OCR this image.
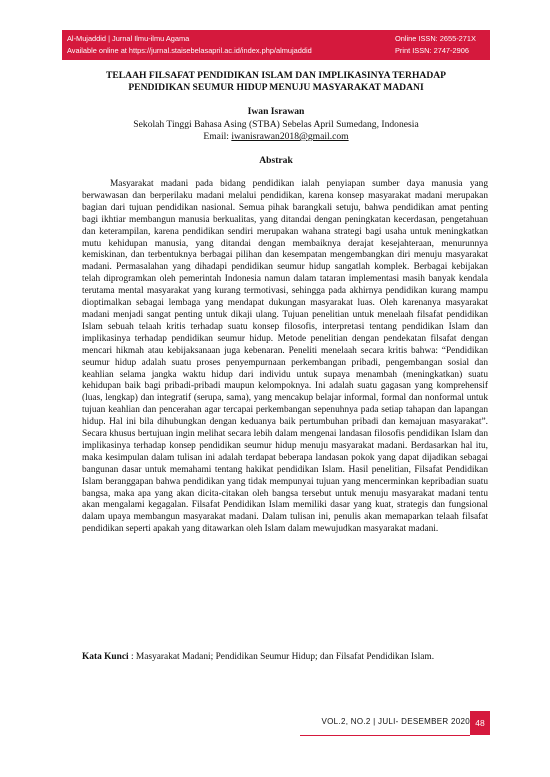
Al-Mujaddid | Jurnal Ilmu-ilmu Agama	Online ISSN: 2655-271X
Available online at https://jurnal.staisebelasapril.ac.id/index.php/almujaddid	Print ISSN: 2747-2906
TELAAH FILSAFAT PENDIDIKAN ISLAM DAN IMPLIKASINYA TERHADAP
PENDIDIKAN SEUMUR HIDUP MENUJU MASYARAKAT MADANI
Iwan Israwan
Sekolah Tinggi Bahasa Asing (STBA) Sebelas April Sumedang, Indonesia
Email: iwanisrawan2018@gmail.com
Abstrak

Masyarakat madani pada bidang pendidikan ialah penyiapan sumber daya manusia yang berwawasan dan berperilaku madani melalui pendidikan, karena konsep masyarakat madani merupakan bagian dari tujuan pendidikan nasional. Semua pihak barangkali setuju, bahwa pendidikan amat penting bagi ikhtiar membangun manusia berkualitas, yang ditandai dengan peningkatan kecerdasan, pengetahuan dan keterampilan, karena pendidikan sendiri merupakan wahana strategi bagi usaha untuk meningkatkan mutu kehidupan manusia, yang ditandai dengan membaiknya derajat kesejahteraan, menurunnya kemiskinan, dan terbentuknya berbagai pilihan dan kesempatan mengembangkan diri menuju masyarakat madani. Permasalahan yang dihadapi pendidikan seumur hidup sangatlah komplek. Berbagai kebijakan telah diprogramkan oleh pemerintah Indonesia namun dalam tataran implementasi masih banyak kendala terutama mental masyarakat yang kurang termotivasi, sehingga pada akhirnya pendidikan kurang mampu dioptimalkan sebagai lembaga yang mendapat dukungan masyarakat luas. Oleh karenanya masyarakat madani menjadi sangat penting untuk dikaji ulang. Tujuan penelitian untuk menelaah filsafat pendidikan Islam sebuah telaah kritis terhadap suatu konsep filosofis, interpretasi tentang pendidikan Islam dan implikasinya terhadap pendidikan seumur hidup. Metode penelitian dengan pendekatan filsafat dengan mencari hikmah atau kebijaksanaan juga kebenaran. Peneliti menelaah secara kritis bahwa: “Pendidikan seumur hidup adalah suatu proses penyempurnaan perkembangan pribadi, pengembangan sosial dan keahlian selama jangka waktu hidup dari individu untuk supaya menambah (meningkatkan) suatu kehidupan baik bagi pribadi-pribadi maupun kelompoknya. Ini adalah suatu gagasan yang komprehensif (luas, lengkap) dan integratif (serupa, sama), yang mencakup belajar informal, formal dan nonformal untuk tujuan keahlian dan pencerahan agar tercapai perkembangan sepenuhnya pada setiap tahapan dan lapangan hidup. Hal ini bila dihubungkan dengan keduanya baik pertumbuhan pribadi dan kemajuan masyarakat”. Secara khusus bertujuan ingin melihat secara lebih dalam mengenai landasan filosofis pendidikan Islam dan implikasinya terhadap konsep pendidikan seumur hidup menuju masyarakat madani. Berdasarkan hal itu, maka kesimpulan dalam tulisan ini adalah terdapat beberapa landasan pokok yang dapat dijadikan sebagai bangunan dasar untuk memahami tentang hakikat pendidikan Islam. Hasil penelitian, Filsafat Pendidikan Islam beranggapan bahwa pendidikan yang tidak mempunyai tujuan yang mencerminkan kepribadian suatu bangsa, maka apa yang akan dicita-citakan oleh bangsa tersebut untuk menuju masyarakat madani tentu akan mengalami kegagalan. Filsafat Pendidikan Islam memiliki dasar yang kuat, strategis dan fungsional dalam upaya membangun masyarakat madani. Dalam tulisan ini, penulis akan memaparkan telaah filsafat pendidikan seperti apakah yang ditawarkan oleh Islam dalam mewujudkan masyarakat madani.

Kata Kunci : Masyarakat Madani; Pendidikan Seumur Hidup; dan Filsafat Pendidikan Islam.
VOL.2, NO.2 | JULI- DESEMBER 2020 48
